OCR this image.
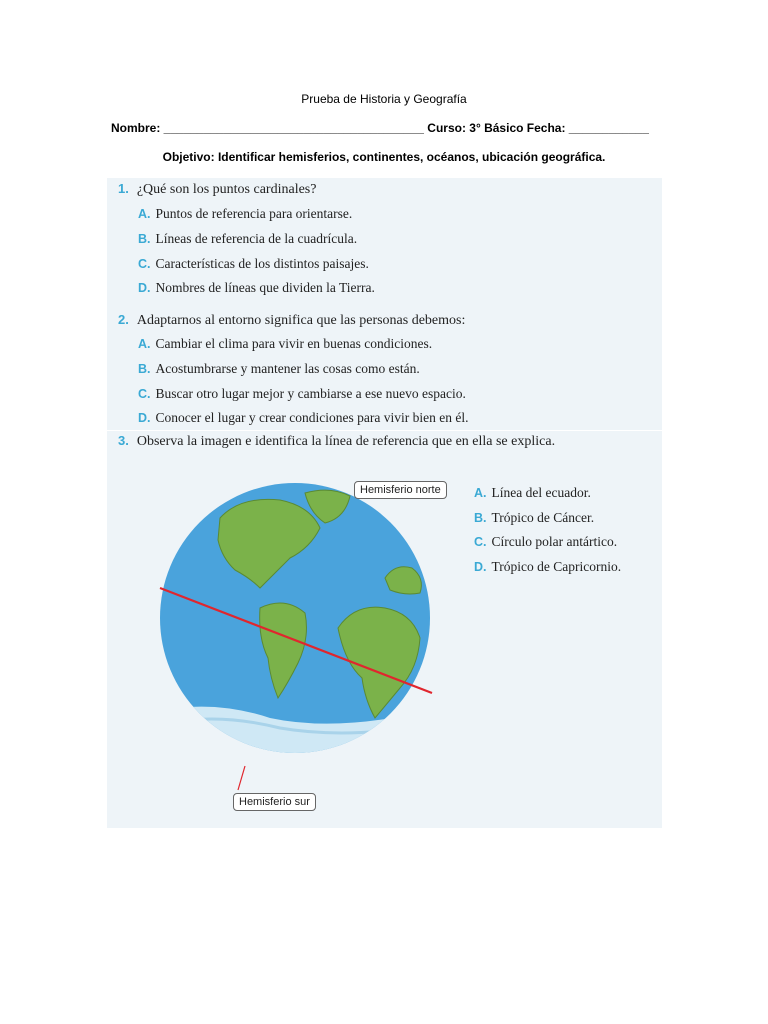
Prueba de Historia y Geografía
Nombre: _______________________________________ Curso: 3° Básico Fecha: ____________
Objetivo: Identificar hemisferios, continentes, océanos, ubicación geográfica.
1. ¿Qué son los puntos cardinales?
A. Puntos de referencia para orientarse.
B. Líneas de referencia de la cuadrícula.
C. Características de los distintos paisajes.
D. Nombres de líneas que dividen la Tierra.
2. Adaptarnos al entorno significa que las personas debemos:
A. Cambiar el clima para vivir en buenas condiciones.
B. Acostumbrarse y mantener las cosas como están.
C. Buscar otro lugar mejor y cambiarse a ese nuevo espacio.
D. Conocer el lugar y crear condiciones para vivir bien en él.
3. Observa la imagen e identifica la línea de referencia que en ella se explica.
A. Línea del ecuador.
B. Trópico de Cáncer.
C. Círculo polar antártico.
D. Trópico de Capricornio.
Hemisferio norte
Hemisferio sur
